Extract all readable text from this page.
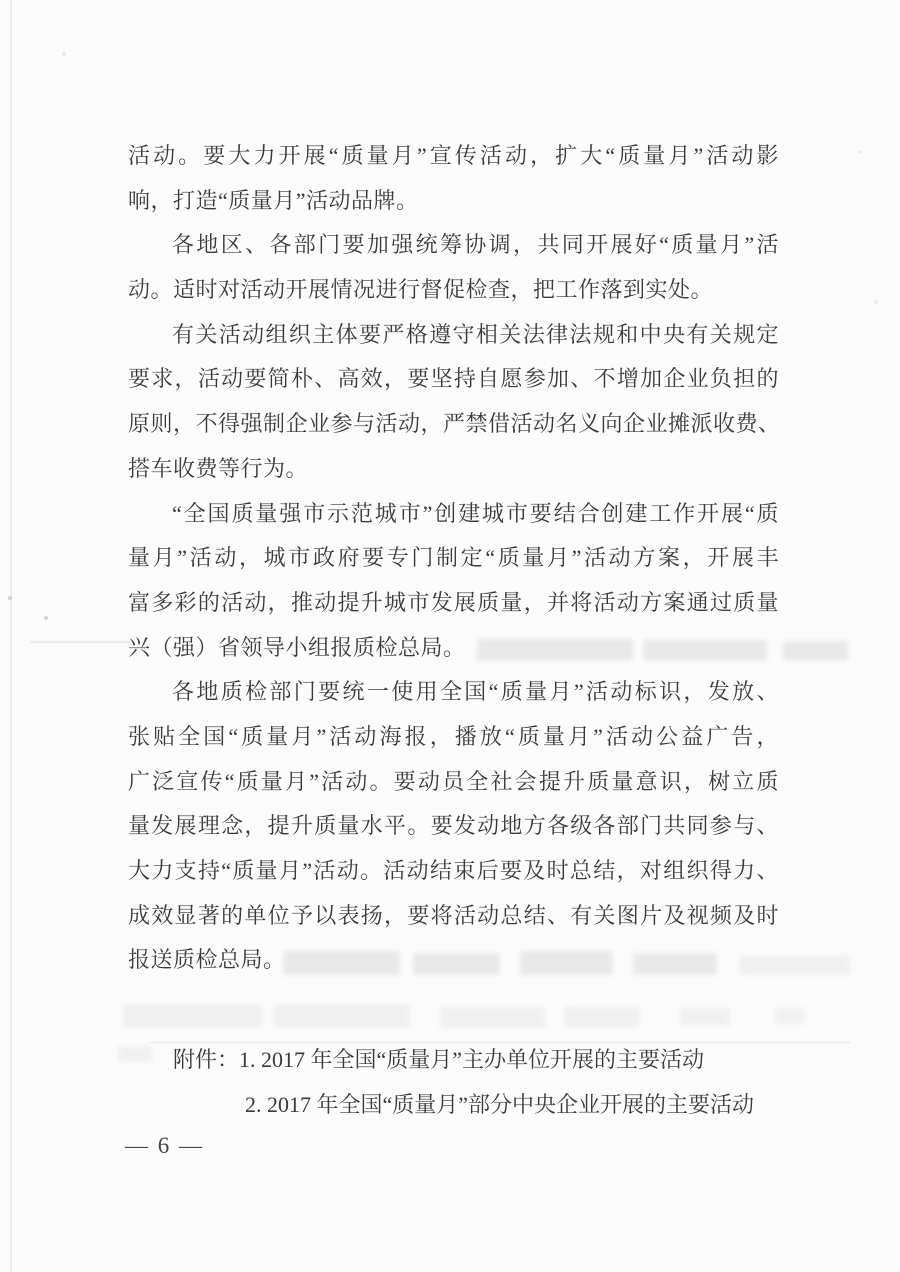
活动。要大力开展“质量月”宣传活动，扩大“质量月”活动影
响，打造“质量月”活动品牌。
各地区、各部门要加强统筹协调，共同开展好“质量月”活
动。适时对活动开展情况进行督促检查，把工作落到实处。
有关活动组织主体要严格遵守相关法律法规和中央有关规定
要求，活动要简朴、高效，要坚持自愿参加、不增加企业负担的
原则，不得强制企业参与活动，严禁借活动名义向企业摊派收费、
搭车收费等行为。
“全国质量强市示范城市”创建城市要结合创建工作开展“质
量月”活动，城市政府要专门制定“质量月”活动方案，开展丰
富多彩的活动，推动提升城市发展质量，并将活动方案通过质量
兴（强）省领导小组报质检总局。
各地质检部门要统一使用全国“质量月”活动标识，发放、
张贴全国“质量月”活动海报，播放“质量月”活动公益广告，
广泛宣传“质量月”活动。要动员全社会提升质量意识，树立质
量发展理念，提升质量水平。要发动地方各级各部门共同参与、
大力支持“质量月”活动。活动结束后要及时总结，对组织得力、
成效显著的单位予以表扬，要将活动总结、有关图片及视频及时
报送质检总局。
附件：1. 2017 年全国“质量月”主办单位开展的主要活动
2. 2017 年全国“质量月”部分中央企业开展的主要活动
— 6 —
